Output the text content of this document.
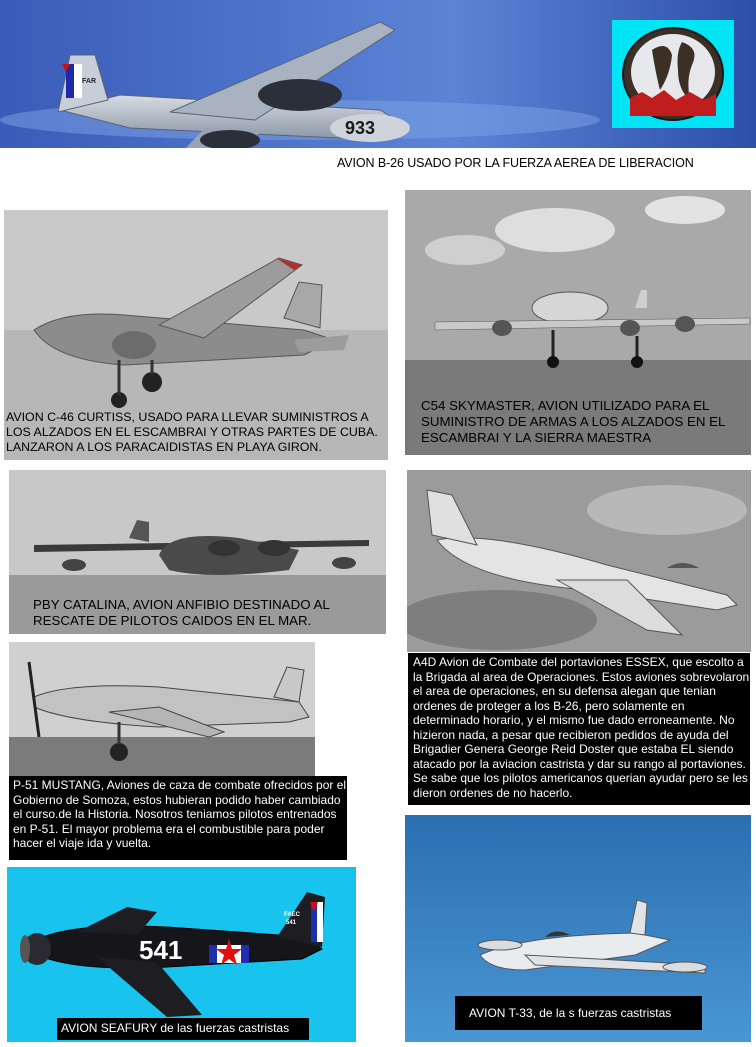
933
FAR
AVION B-26 USADO POR LA FUERZA AEREA DE LIBERACION
AVION C-46 CURTISS, USADO PARA LLEVAR SUMINISTROS A LOS ALZADOS EN EL ESCAMBRAI Y OTRAS PARTES DE CUBA. LANZARON A LOS PARACAIDISTAS EN PLAYA GIRON.
C54 SKYMASTER, AVION UTILIZADO PARA EL SUMINISTRO DE ARMAS A LOS ALZADOS EN EL ESCAMBRAI Y LA SIERRA MAESTRA
PBY CATALINA, AVION ANFIBIO DESTINADO AL RESCATE DE PILOTOS CAIDOS EN EL MAR.
A4D Avion de Combate del portaviones ESSEX, que escolto a la Brigada al area de Operaciones. Estos aviones sobrevolaron el area de operaciones, en su defensa alegan que tenian ordenes de proteger a los B-26, pero solamente en determinado horario, y el mismo fue dado erroneamente. No hizieron nada, a pesar que recibieron pedidos de ayuda del Brigadier Genera George Reid Doster que estaba EL siendo atacado por la aviacion castrista y dar su rango al portaviones. Se sabe que los pilotos americanos querian ayudar pero se les dieron ordenes de no hacerlo.
P-51 MUSTANG, Aviones de caza de combate ofrecidos por el Gobierno de Somoza, estos hubieran podido haber cambiado el curso.de la Historia. Nosotros teniamos pilotos entrenados en P-51. El mayor problema era el combustible para poder hacer el viaje ida y vuelta.
541
FAEC
541
AVION SEAFURY de las fuerzas castristas
AVION T-33, de la s fuerzas castristas
